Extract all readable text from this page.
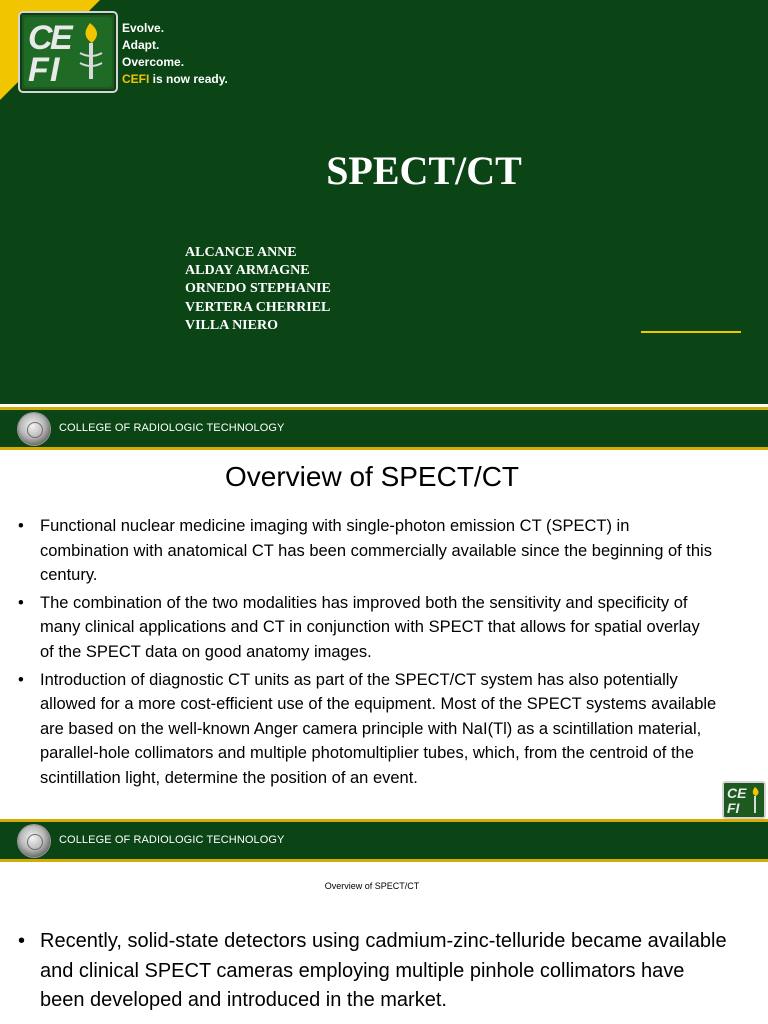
C
E
F I
Evolve.
Adapt.
Overcome.
CEFI is now ready.
SPECT/CT
ALCANCE ANNE
ALDAY ARMAGNE
ORNEDO STEPHANIE
VERTERA CHERRIEL
VILLA NIERO
COLLEGE OF RADIOLOGIC TECHNOLOGY
Overview of SPECT/CT
• Functional nuclear medicine imaging with single-photon emission CT (SPECT) in combination with anatomical CT has been commercially available since the beginning of this century.
• The combination of the two modalities has improved both the sensitivity and specificity of many clinical applications and CT in conjunction with SPECT that allows for spatial overlay of the SPECT data on good anatomy images.
• Introduction of diagnostic CT units as part of the SPECT/CT system has also potentially allowed for a more cost-efficient use of the equipment. Most of the SPECT systems available are based on the well-known Anger camera principle with NaI(Tl) as a scintillation material, parallel-hole collimators and multiple photomultiplier tubes, which, from the centroid of the scintillation light, determine the position of an event.
CE
FI
COLLEGE OF RADIOLOGIC TECHNOLOGY
Overview of SPECT/CT
• Recently, solid-state detectors using cadmium-zinc-telluride became available and clinical SPECT cameras employing multiple pinhole collimators have been developed and introduced in the market.
